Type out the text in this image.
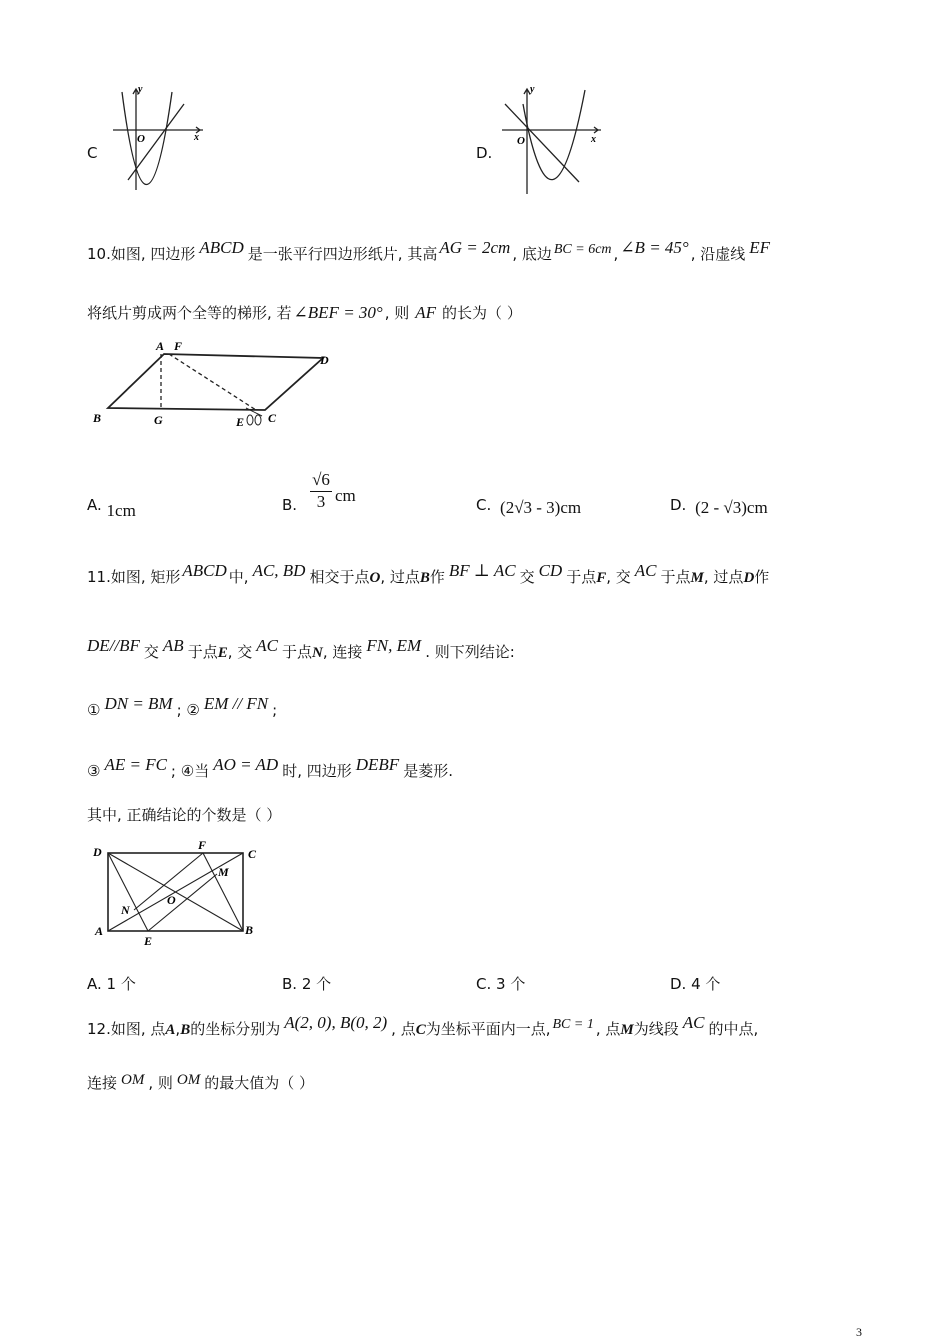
C
y
x
O
D.
y
x
O
10.如图, 四边形 ABCD 是一张平行四边形纸片, 其高 AG = 2cm , 底边 BC = 6cm , ∠B = 45° , 沿虚线 EF
将纸片剪成两个全等的梯形, 若 ∠BEF = 30° , 则 AF 的长为（ ）
A F
D
B	G	E C
A. 1cm	B. $\frac{√6}{3}$ cm	C. (2√3 - 3)cm	D. (2 - √3)cm
11.如图, 矩形 ABCD 中, AC, BD 相交于点O, 过点B作 BF ⊥ AC 交 CD 于点F, 交 AC 于点M, 过点D作
DE//BF 交 AB 于点E, 交 AC 于点N, 连接 FN, EM . 则下列结论:
① DN = BM ; ② EM // FN ;
③ AE = FC ; ④当 AO = AD 时, 四边形 DEBF 是菱形.
其中, 正确结论的个数是（ ）
D	F
C
M
O
N
A
E
B
A. 1 个	B. 2 个	C. 3 个	D. 4 个
12.如图, 点A,B的坐标分别为 A(2, 0), B(0, 2) , 点C为坐标平面内一点, BC = 1 , 点M为线段 AC 的中点,
连接 OM , 则 OM 的最大值为（ ）
3
